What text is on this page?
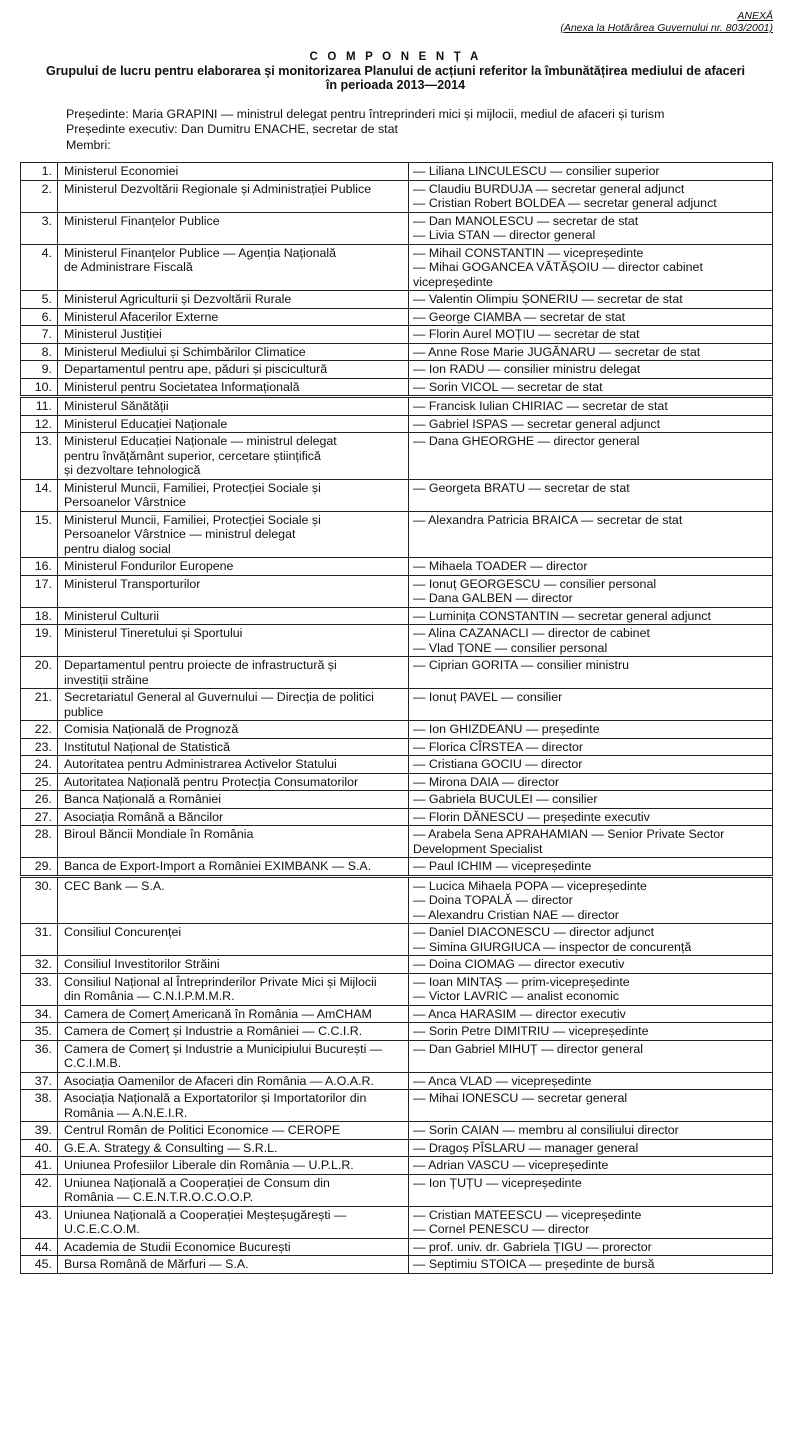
ANEXĂ
(Anexa la Hotărârea Guvernului nr. 803/2001)
C O M P O N E N Ț A
Grupului de lucru pentru elaborarea și monitorizarea Planului de acțiuni referitor la îmbunătățirea mediului de afaceri
în perioada 2013—2014
Președinte: Maria GRAPINI — ministrul delegat pentru întreprinderi mici și mijlocii, mediul de afaceri și turism
Președinte executiv: Dan Dumitru ENACHE, secretar de stat
Membri:
1.	Ministerul Economiei	— Liliana LINCULESCU — consilier superior

2.	Ministerul Dezvoltării Regionale și Administrației Publice	— Claudiu BURDUJA — secretar general adjunct
— Cristian Robert BOLDEA — secretar general adjunct

3.	Ministerul Finanțelor Publice	— Dan MANOLESCU — secretar de stat
— Livia STAN — director general

4.	Ministerul Finanțelor Publice — Agenția Națională
de Administrare Fiscală	— Mihail CONSTANTIN — vicepreședinte
— Mihai GOGANCEA VĂTĂȘOIU — director cabinet
vicepreședinte

5.	Ministerul Agriculturii și Dezvoltării Rurale	— Valentin Olimpiu ȘONERIU — secretar de stat

6.	Ministerul Afacerilor Externe	— George CIAMBA — secretar de stat

7.	Ministerul Justiției	— Florin Aurel MOȚIU — secretar de stat

8.	Ministerul Mediului și Schimbărilor Climatice	— Anne Rose Marie JUGĂNARU — secretar de stat

9.	Departamentul pentru ape, păduri și piscicultură	— Ion RADU — consilier ministru delegat

10.	Ministerul pentru Societatea Informațională	— Sorin VICOL — secretar de stat

11.	Ministerul Sănătății	— Francisk Iulian CHIRIAC — secretar de stat

12.	Ministerul Educației Naționale	— Gabriel ISPAS — secretar general adjunct

13.	Ministerul Educației Naționale — ministrul delegat
pentru învățământ superior, cercetare științifică
și dezvoltare tehnologică	— Dana GHEORGHE — director general

14.	Ministerul Muncii, Familiei, Protecției Sociale și
Persoanelor Vârstnice	— Georgeta BRATU — secretar de stat

15.	Ministerul Muncii, Familiei, Protecției Sociale și
Persoanelor Vârstnice — ministrul delegat
pentru dialog social	— Alexandra Patricia BRAICA — secretar de stat

16.	Ministerul Fondurilor Europene	— Mihaela TOADER — director

17.	Ministerul Transporturilor	— Ionuț GEORGESCU — consilier personal
— Dana GALBEN — director

18.	Ministerul Culturii	— Luminița CONSTANTIN — secretar general adjunct

19.	Ministerul Tineretului și Sportului	— Alina CAZANACLI — director de cabinet
— Vlad ȚONE — consilier personal

20.	Departamentul pentru proiecte de infrastructură și
investiții străine	— Ciprian GORITA — consilier ministru

21.	Secretariatul General al Guvernului — Direcția de politici
publice	— Ionuț PAVEL — consilier

22.	Comisia Națională de Prognoză	— Ion GHIZDEANU — președinte

23.	Institutul Național de Statistică	— Florica CÎRSTEA — director

24.	Autoritatea pentru Administrarea Activelor Statului	— Cristiana GOCIU — director

25.	Autoritatea Națională pentru Protecția Consumatorilor	— Mirona DAIA — director

26.	Banca Națională a României	— Gabriela BUCULEI — consilier

27.	Asociația Română a Băncilor	— Florin DĂNESCU — președinte executiv

28.	Biroul Băncii Mondiale în România	— Arabela Sena APRAHAMIAN — Senior Private Sector
Development Specialist

29.	Banca de Export-Import a României EXIMBANK — S.A.	— Paul ICHIM — vicepreședinte

30.	CEC Bank — S.A.	— Lucica Mihaela POPA — vicepreședinte
— Doina TOPALĂ — director
— Alexandru Cristian NAE — director

31.	Consiliul Concurenței	— Daniel DIACONESCU — director adjunct
— Simina GIURGIUCA — inspector de concurență

32.	Consiliul Investitorilor Străini	— Doina CIOMAG — director executiv

33.	Consiliul Național al Întreprinderilor Private Mici și Mijlocii
din România — C.N.I.P.M.M.R.	— Ioan MINTAȘ — prim-vicepreședinte
— Victor LAVRIC — analist economic

34.	Camera de Comerț Americană în România — AmCHAM	— Anca HARASIM — director executiv

35.	Camera de Comerț și Industrie a României — C.C.I.R.	— Sorin Petre DIMITRIU — vicepreședinte

36.	Camera de Comerț și Industrie a Municipiului București —
C.C.I.M.B.	— Dan Gabriel MIHUȚ — director general

37.	Asociația Oamenilor de Afaceri din România — A.O.A.R.	— Anca VLAD — vicepreședinte

38.	Asociația Națională a Exportatorilor și Importatorilor din
România — A.N.E.I.R.	— Mihai IONESCU — secretar general

39.	Centrul Român de Politici Economice — CEROPE	— Sorin CAIAN — membru al consiliului director

40.	G.E.A. Strategy & Consulting — S.R.L.	— Dragoș PÎSLARU — manager general

41.	Uniunea Profesiilor Liberale din România — U.P.L.R.	— Adrian VASCU — vicepreședinte

42.	Uniunea Națională a Cooperației de Consum din
România — C.E.N.T.R.O.C.O.O.P.	— Ion ȚUȚU — vicepreședinte

43.	Uniunea Națională a Cooperației Meșteșugărești —
U.C.E.C.O.M.	— Cristian MATEESCU — vicepreședinte
— Cornel PENESCU — director

44.	Academia de Studii Economice București	— prof. univ. dr. Gabriela ȚIGU — prorector

45.	Bursa Română de Mărfuri — S.A.	— Septimiu STOICA — președinte de bursă
